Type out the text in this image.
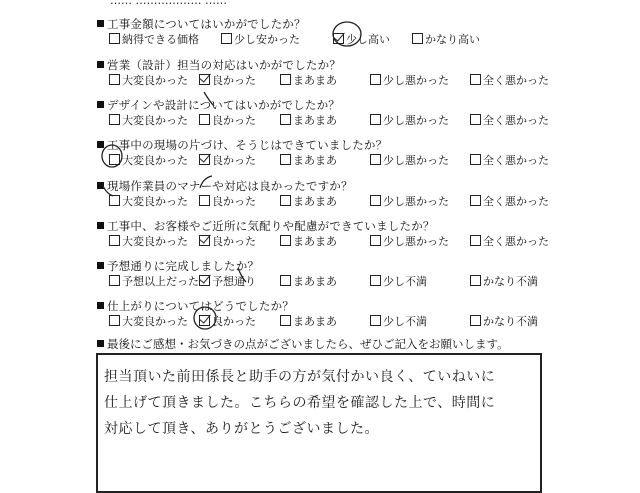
…… ……………… ……
工事金額についてはいかがでしたか？
納得できる価格	少し安かった	少し高い	かなり高い
営業（設計）担当の対応はいかがでしたか？
大変良かった	良かった	まあまあ	少し悪かった	全く悪かった
デザインや設計についてはいかがでしたか？
大変良かった	良かった	まあまあ	少し悪かった	全く悪かった
工事中の現場の片づけ、そうじはできていましたか？
大変良かった	良かった	まあまあ	少し悪かった	全く悪かった
現場作業員のマナーや対応は良かったですか？
大変良かった	良かった	まあまあ	少し悪かった	全く悪かった
工事中、お客様やご近所に気配りや配慮ができていましたか？
大変良かった	良かった	まあまあ	少し悪かった	全く悪かった
予想通りに完成しましたか？
予想以上だった	予想通り	まあまあ	少し不満	かなり不満
仕上がりについてはどうでしたか？
大変良かった	良かった	まあまあ	少し不満	かなり不満
最後にご感想・お気づきの点がございましたら、ぜひご記入をお願いします。
担当頂いた前田係長と助手の方が気付かい良く、ていねいに
仕上げて頂きました。こちらの希望を確認した上で、時間に
対応して頂き、ありがとうございました。
